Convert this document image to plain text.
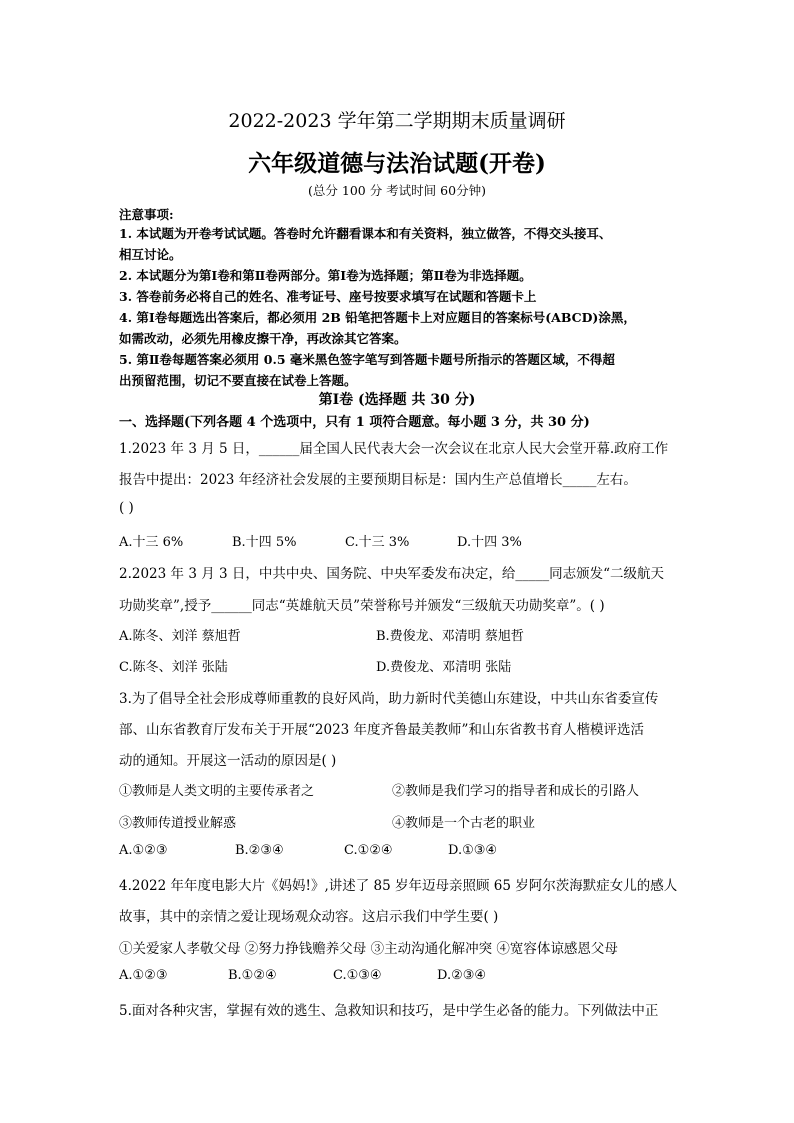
2022-2023 学年第二学期期末质量调研
六年级道德与法治试题(开卷)
(总分 100 分 考试时间 60分钟)
注意事项:
1. 本试题为开卷考试试题。答卷时允许翻看课本和有关资料，独立做答，不得交头接耳、
相互讨论。
2. 本试题分为第Ⅰ卷和第Ⅱ卷两部分。第Ⅰ卷为选择题；第Ⅱ卷为非选择题。
3. 答卷前务必将自己的姓名、准考证号、座号按要求填写在试题和答题卡上
4. 第Ⅰ卷每题选出答案后，都必须用 2B 铅笔把答题卡上对应题目的答案标号(ABCD)涂黑，
如需改动，必须先用橡皮擦干净，再改涂其它答案。
5. 第Ⅱ卷每题答案必须用 0.5 毫米黑色签字笔写到答题卡题号所指示的答题区域，不得超
出预留范围，切记不要直接在试卷上答题。
第Ⅰ卷 (选择题 共 30 分)
一、选择题(下列各题 4 个选项中，只有 1 项符合题意。每小题 3 分，共 30 分)
1.2023 年 3 月 5 日，______届全国人民代表大会一次会议在北京人民大会堂开幕.政府工作
报告中提出：2023 年经济社会发展的主要预期目标是：国内生产总值增长_____左右。
( )
A.十三 6%	B.十四 5%	C.十三 3%	D.十四 3%
2.2023 年 3 月 3 日，中共中央、国务院、中央军委发布决定，给_____同志颁发“二级航天
功勋奖章”,授予______同志“英雄航天员”荣誉称号并颁发“三级航天功勋奖章”。( )
A.陈冬、刘洋 蔡旭哲	B.费俊龙、邓清明 蔡旭哲
C.陈冬、刘洋 张陆	D.费俊龙、邓清明 张陆
3.为了倡导全社会形成尊师重教的良好风尚，助力新时代美德山东建设，中共山东省委宣传
部、山东省教育厅发布关于开展“2023 年度齐鲁最美教师”和山东省教书育人楷模评选活
动的通知。开展这一活动的原因是( )
①教师是人类文明的主要传承者之	②教师是我们学习的指导者和成长的引路人
③教师传道授业解惑	④教师是一个古老的职业
A.①②③	B.②③④	C.①②④	D.①③④
4.2022 年年度电影大片《妈妈!》,讲述了 85 岁年迈母亲照顾 65 岁阿尔茨海默症女儿的感人
故事，其中的亲情之爱让现场观众动容。这启示我们中学生要( )
①关爱家人孝敬父母 ②努力挣钱赡养父母 ③主动沟通化解冲突 ④宽容体谅感恩父母
A.①②③	B.①②④	C.①③④	D.②③④
5.面对各种灾害，掌握有效的逃生、急救知识和技巧，是中学生必备的能力。下列做法中正
